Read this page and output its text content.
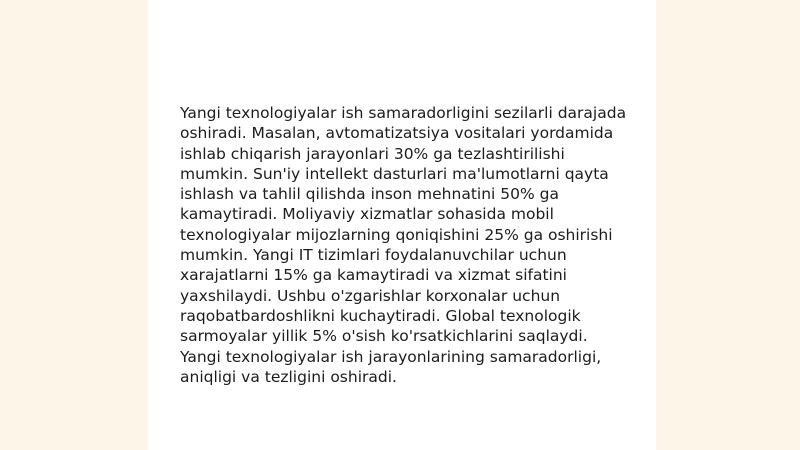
Yangi texnologiyalar ish samaradorligini sezilarli darajada oshiradi. Masalan, avtomatizatsiya vositalari yordamida ishlab chiqarish jarayonlari 30% ga tezlashtirilishi mumkin. Sun'iy intellekt dasturlari ma'lumotlarni qayta ishlash va tahlil qilishda inson mehnatini 50% ga kamaytiradi. Moliyaviy xizmatlar sohasida mobil texnologiyalar mijozlarning qoniqishini 25% ga oshirishi mumkin. Yangi IT tizimlari foydalanuvchilar uchun xarajatlarni 15% ga kamaytiradi va xizmat sifatini yaxshilaydi. Ushbu o'zgarishlar korxonalar uchun raqobatbardoshlikni kuchaytiradi. Global texnologik sarmoyalar yillik 5% o'sish ko'rsatkichlarini saqlaydi. Yangi texnologiyalar ish jarayonlarining samaradorligi, aniqligi va tezligini oshiradi.
